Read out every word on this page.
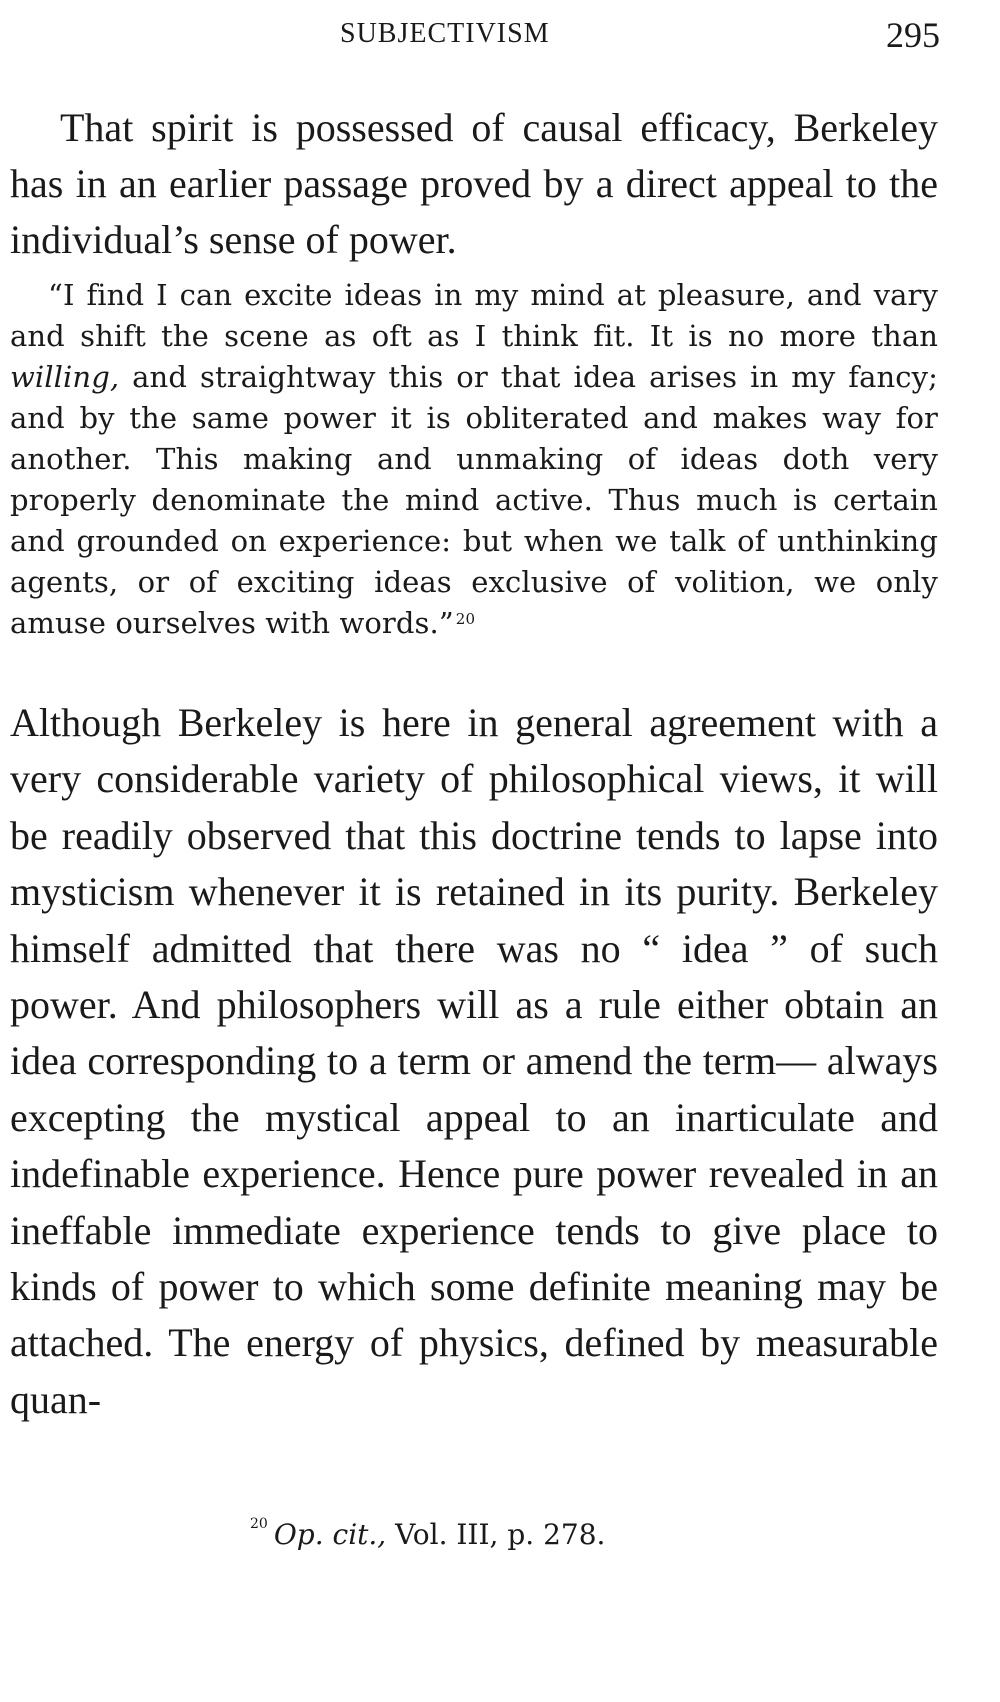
SUBJECTIVISM	295

That spirit is possessed of causal efficacy, Berkeley has in an earlier passage proved by a direct appeal to the individual’s sense of power.

“I find I can excite ideas in my mind at pleasure, and vary and shift the scene as oft as I think fit. It is no more than willing, and straightway this or that idea arises in my fancy; and by the same power it is obliterated and makes way for another. This making and unmaking of ideas doth very properly denominate the mind active. Thus much is certain and grounded on experience: but when we talk of unthinking agents, or of exciting ideas exclusive of volition, we only amuse ourselves with words.” $^{20}$

Although Berkeley is here in general agreement with a very considerable variety of philosophical views, it will be readily observed that this doctrine tends to lapse into mysticism whenever it is retained in its purity. Berkeley himself admitted that there was no “ idea ” of such power. And philosophers will as a rule either obtain an idea corresponding to a term or amend the term— always excepting the mystical appeal to an inarticulate and indefinable experience. Hence pure power revealed in an ineffable immediate experience tends to give place to kinds of power to which some definite meaning may be attached. The energy of physics, defined by measurable quan-

$^{20}$ Op. cit., Vol. III, p. 278.
